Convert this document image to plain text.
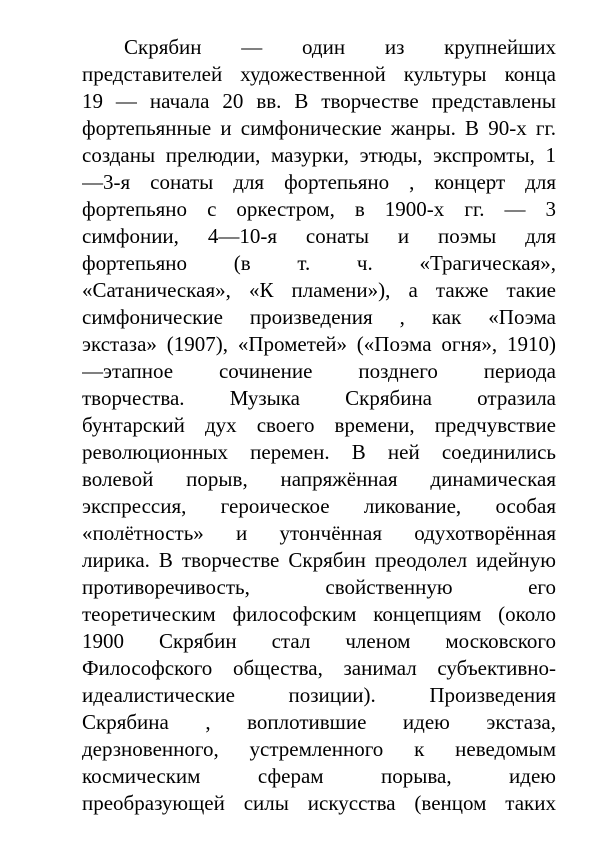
Скрябин — один из крупнейших
представителей художественной культуры конца
19 — начала 20 вв. В творчестве представлены
фортепьянные и симфонические жанры. В 90-х гг.
созданы прелюдии, мазурки, этюды, экспромты, 1
—3-я сонаты для фортепьяно , концерт для
фортепьяно с оркестром, в 1900-х гг. — 3
симфонии, 4—10-я сонаты и поэмы для
фортепьяно (в т. ч. «Трагическая»,
«Сатаническая», «К пламени»), а также такие
симфонические произведения , как «Поэма
экстаза» (1907), «Прометей» («Поэма огня», 1910)
—этапное сочинение позднего периода
творчества. Музыка Скрябина отразила
бунтарский дух своего времени, предчувствие
революционных перемен. В ней соединились
волевой порыв, напряжённая динамическая
экспрессия, героическое ликование, особая
«полётность» и утончённая одухотворённая
лирика. В творчестве Скрябин преодолел идейную
противоречивость, свойственную его
теоретическим философским концепциям (около
1900 Скрябин стал членом московского
Философского общества, занимал субъективно-
идеалистические позиции). Произведения
Скрябина , воплотившие идею экстаза,
дерзновенного, устремленного к неведомым
космическим сферам порыва, идею
преобразующей силы искусства (венцом таких
